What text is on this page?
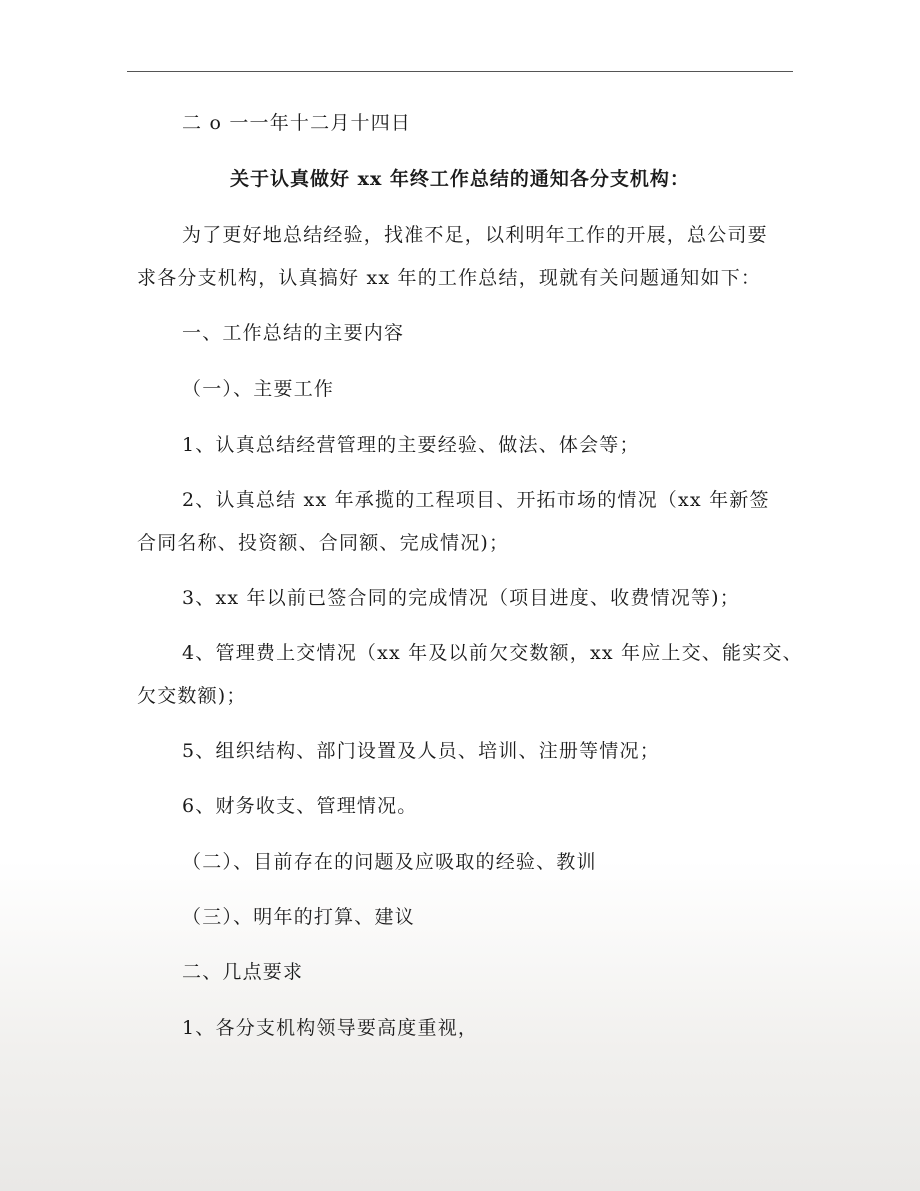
二 o 一一年十二月十四日
关于认真做好 xx 年终工作总结的通知各分支机构：
为了更好地总结经验，找准不足，以利明年工作的开展，总公司要
求各分支机构，认真搞好 xx 年的工作总结，现就有关问题通知如下：
一、工作总结的主要内容
（一）、主要工作
1、认真总结经营管理的主要经验、做法、体会等；
2、认真总结 xx 年承揽的工程项目、开拓市场的情况（xx 年新签
合同名称、投资额、合同额、完成情况)；
3、xx 年以前已签合同的完成情况（项目进度、收费情况等)；
4、管理费上交情况（xx 年及以前欠交数额，xx 年应上交、能实交、
欠交数额)；
5、组织结构、部门设置及人员、培训、注册等情况；
6、财务收支、管理情况。
（二）、目前存在的问题及应吸取的经验、教训
（三）、明年的打算、建议
二、几点要求
1、各分支机构领导要高度重视，
